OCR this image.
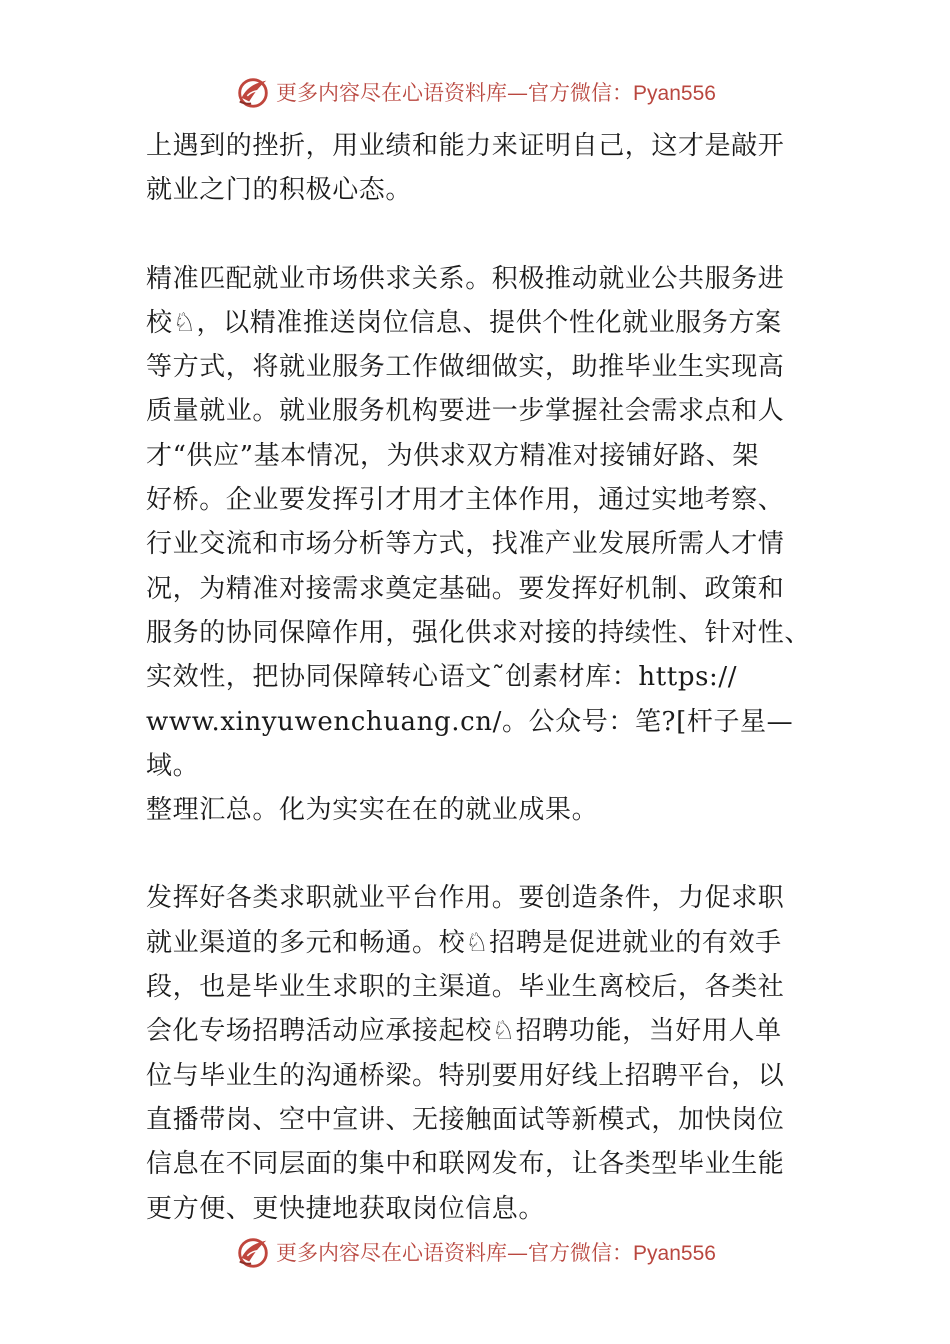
更多内容尽在心语资料库—官方微信：Pyan556

上遇到的挫折，用业绩和能力来证明自己，这才是敲开
就业之门的积极心态。

精准匹配就业市场供求关系。积极推动就业公共服务进
校♘，以精准推送岗位信息、提供个性化就业服务方案
等方式，将就业服务工作做细做实，助推毕业生实现高
质量就业。就业服务机构要进一步掌握社会需求点和人
才“供应”基本情况，为供求双方精准对接铺好路、架
好桥。企业要发挥引才用才主体作用，通过实地考察、
行业交流和市场分析等方式，找准产业发展所需人才情
况，为精准对接需求奠定基础。要发挥好机制、政策和
服务的协同保障作用，强化供求对接的持续性、针对性、
实效性，把协同保障转心语文˜创素材库：https://
www.xinyuwenchuang.cn/。公众号：笔?[杆子星—域。
整理汇总。化为实实在在的就业成果。

发挥好各类求职就业平台作用。要创造条件，力促求职
就业渠道的多元和畅通。校♘招聘是促进就业的有效手
段，也是毕业生求职的主渠道。毕业生离校后，各类社
会化专场招聘活动应承接起校♘招聘功能，当好用人单
位与毕业生的沟通桥梁。特别要用好线上招聘平台，以
直播带岗、空中宣讲、无接触面试等新模式，加快岗位
信息在不同层面的集中和联网发布，让各类型毕业生能
更方便、更快捷地获取岗位信息。

更多内容尽在心语资料库—官方微信：Pyan556
